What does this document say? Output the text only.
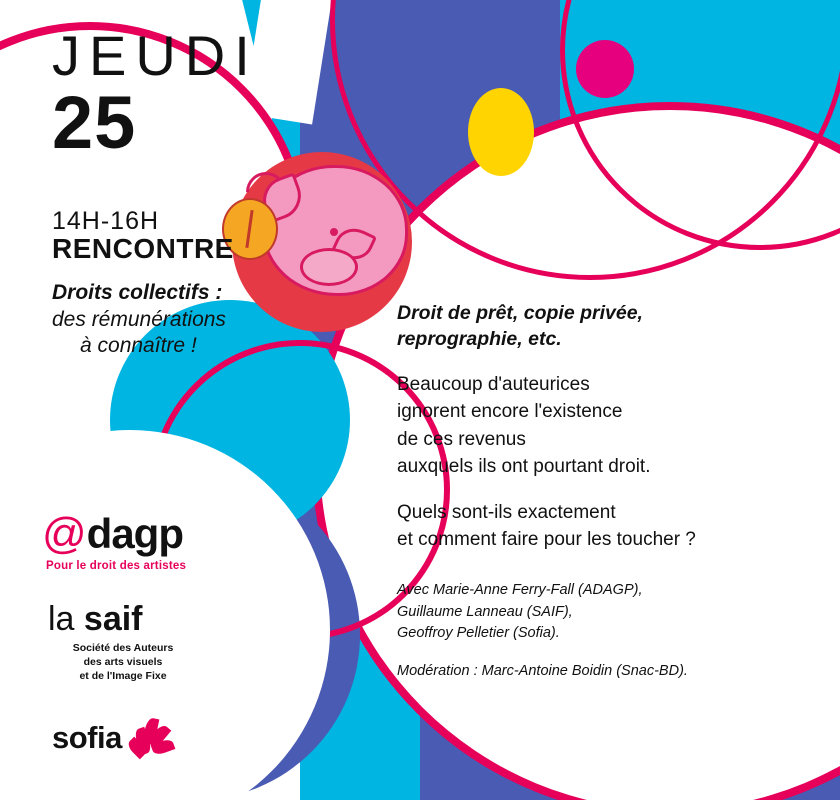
JEUDI
25
14H-16H
RENCONTRE
Droits collectifs :
des rémunérations
à connaître !
Droit de prêt, copie privée,
reprographie, etc.
Beaucoup d'auteurices
ignorent encore l'existence
de ces revenus
auxquels ils ont pourtant droit.
Quels sont-ils exactement
et comment faire pour les toucher ?
Avec Marie-Anne Ferry-Fall (ADAGP),
Guillaume Lanneau (SAIF),
Geoffroy Pelletier (Sofia).
Modération : Marc-Antoine Boidin (Snac-BD).
@ dagp
Pour le droit des artistes
la saif
Société des Auteurs
des arts visuels
et de l'Image Fixe
sofia
